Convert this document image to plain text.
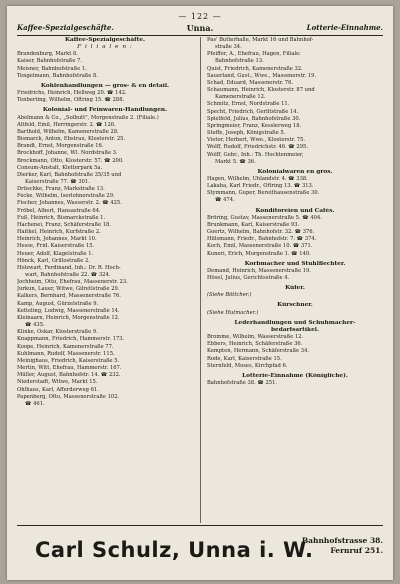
— 122 —
Kaffee-Spezialgeschäfte.	Unna.	Lotterie-Einnahme.
Kaffee-Spezialgeschäfte.
F i l i a l e n :
Brandenburg, Markt 8.
Kaiser, Bahnhofstraße 7.
Meisner, Bahnhofstraße 1.
Tengelmann, Bahnhofstraße 8.
Kohlenhandlungen — gros- & en detail.
Friedrichs, Heinrich, Hellweg 20. ☎ 142.
Tenberting, Wilhelm, Oftring 15. ☎ 288.
Kolonial- und Feinwaren-Handlungen.
Abelmann & Co., „Solbutt", Morgenstraße 2. (Filiale.)
Altfeld, Emil, Herringerstr. 2. ☎ 126.
Barthold, Wilhelm, Kamenerstraße 28.
Bismarck, Anton, Ebstrau, Klosterstr. 25.
Brandt, Ernst, Morgenstraße 16.
Brockhoff, Johanne, Wl. Nordstraße 3.
Brockmann, Otto, Klosterstr. 57. ☎ 200.
Consum-Anstalt, Kletterpark 5a.
Dierker, Karl, Bahnhofstraße 35/35 und
Kaiserstraße 77. ☎ 301.
Drüschke, Franz, Markstraße 13.
Fecke, Wilhelm, Iserlohnerstraße 29.
Fischer, Johannes, Wasserstr. 2. ☎ 425.
Fröbel, Albert, Hansastraße 64.
Fuß, Heinrich, Bismarckstraße 1.
Hachenei, Franz, Schäferstraße 18.
Haitkel, Heinrich, Kurfstraße 2.
Heinrich, Johannes, Markt 10.
Hesse, Frid. Kaiserstraße 15.
Heuer, Adolf, Klagelstraße 1.
Hönck, Karl, Grillostraße 2.
Holzwart, Ferdinand, Inh.: Dr. R. Hoch-
wart, Bahnhofstraße 22. ☎ 324.
Jochheim, Otto, Ehefrau, Massenerstr. 23.
Jurkun, Lauer, Witwe, Gilretlstraße 29.
Kalkers, Bernhard, Massenerstraße 76.
Kamp, August, Gürzelstraße 9.
Ketteling, Ludwig, Massenerstraße 14.
Kleinaarn, Heinrich, Morgenstraße 12.
☎ 435.
Klinke, Oskar, Klosterstraße 9.
Knappmann, Friedrich, Hammerstr. 173.
Koope, Heinrich, Kamenerstraße 77.
Kuhlmann, Rudolf, Massenerstr. 115.
Meinighaus, Friedrich, Kaiserstraße 5.
Mertin, Witt, Ehefrau, Hammerstr. 167.
Müller, August, Bahnhofstr. 14. ☎ 232.
Niederstadt, Witwe, Markt 15.
Ohlhaus, Karl, Afferderweg 61.
Papenberg, Otto, Massenerstraße 102.
☎ 461.
Pas' Butterhalle, Markt 16 und Bahnhof-
straße 34.
Pfeiffer, A., Ehefrau, Hagen, Filiale:
Bahnhofstraße 13.
Quist, Friedrich, Kamenerstraße 32.
Sauerland, Gust., Wwe., Massenerstr. 19.
Schad, Eduard, Massenerstr. 76.
Schaumann, Heinrich, Klosterstr. 87 und
Kamenerstraße 12.
Schmitz, Ernst, Nordstraße 11.
Specht, Friedrich, Gerlitstraße 14.
Spielfeld, Julius, Bahnhofstraße 30.
Springmeier, Franz, Kesslerweg 18.
Steffe, Joseph, Königstraße 5.
Vietor, Herbert, Wwe., Klosterstr. 75.
Wolff, Rudolf, Friedrichstr. 46. ☎ 295.
Wolff, Gebr., Inh.: Th. Hochtenmeier,
Markt 5. ☎ 36.
Kolonialwaren en gros.
Hagen, Wilhelm, Uhlandstr. 4. ☎ 338.
Lakaba, Karl Friedr., Oftring 13. ☎ 313.
Stymmann, Guper, Bereithausenstraße 30.
☎ 474.
Konditoreien und Cafés.
Bröring, Gustav, Massenerstraße 5. ☎ 404.
Brunkmann, Karl, Kaiserstraße 93.
Goertz, Wilhelm, Bahnhofstr. 32. ☎ 376.
Hülsmann, Friedr., Bahnhofstr. 7. ☎ 374.
Koch, Emil, Massenerstraße 10. ☎ 371.
Kuneri, Erich, Morgenstraße 1. ☎ 140.
Korbmacher und Stuhlflechter.
Demand, Heinrich, Massenerstraße 19.
Hösel, Julius, Gerichtsstraße 4.
Küfer.
(Siehe Böttcher.)
Kürschner.
(Siehe Hutmacher.)
Lederhandlungen und Schuhmacher-
bedarfsartikel.
Bromme, Wilhelm, Wasserstraße 12.
Ebbers, Heinrich, Schäferstraße 36.
Kempten, Hermann, Schäferstraße 34.
Rode, Karl, Kaiserstraße 15.
Sternfeld, Moses, Kirchpfad 6.
Lotterie-Einnahme (Königliche).
Bahnhofstraße 38. ☎ 251.
Carl Schulz, Unna i. W.
Bahnhofstrasse 38.
Fernruf 251.
